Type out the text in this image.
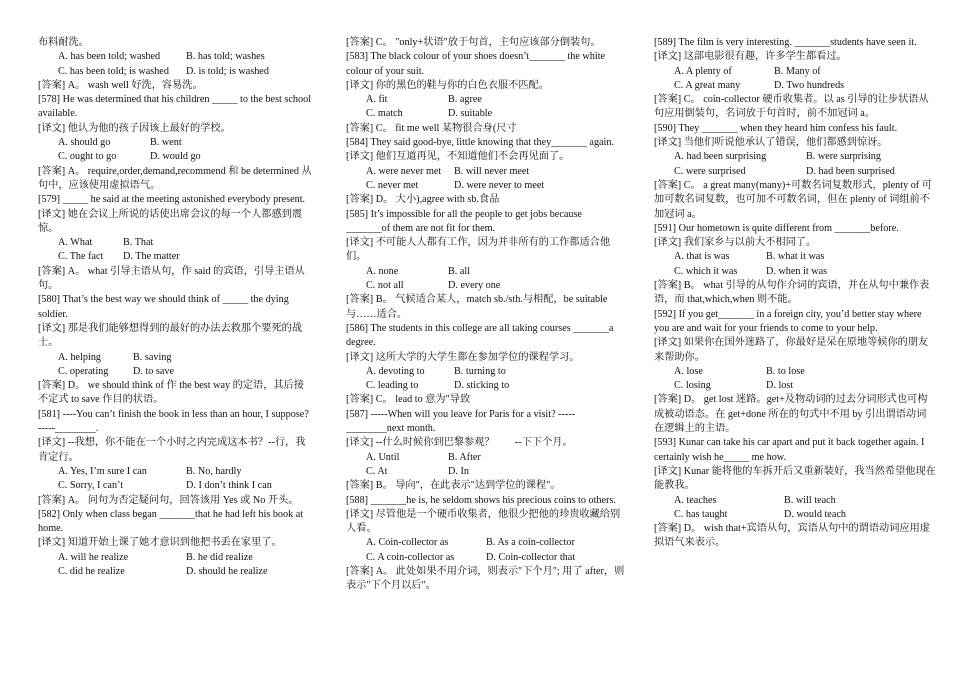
布料耐洗。

A. has been told; washed	B. has told; washes
C. has been told; is washed	D. is told; is washed

[答案] A。 wash well 好洗，容易洗。

[578] He was determined that his children _____ to the best school available.

[译文] 他认为他的孩子因该上最好的学校。

A. should go	B. went
C. ought to go	D. would go

[答案] A。 require,order,demand,recommend 和 be determined 从句中，应该使用虚拟语气。

[579] _____ he said at the meeting astonished everybody present.

[译文] 她在会议上所说的话使出席会议的每一个人都感到震惊。

A. What	B. That
C. The fact	D. The matter

[答案] A。 what 引导主语从句，作 said 的宾语，引导主语从句。

[580] That’s the best way we should think of _____ the dying soldier.

[译文] 那是我们能够想得到的最好的办法去救那个要死的战士。

A. helping	B. saving
C. operating	D. to save

[答案] D。 we should think of 作 the best way 的定语，其后接不定式 to save 作目的状语。

[581] ----You can’t finish the book in less than an hour, I suppose? -----________.

[译文] --我想，你不能在一个小时之内完成这本书？--行，我肯定行。

A. Yes, I’m sure I can	B. No, hardly
C. Sorry, I can’t	D. I don’t think I can

[答案] A。 问句为否定疑问句，回答该用 Yes 或 No 开头。

[582] Only when class began _______that he had left his book at home.

[译文] 知道开始上课了她才意识到他把书丢在家里了。

A. will he realize	B. he did realize
C. did he realize	D. should he realize

[答案] C。 "only+状语"放于句首，主句应该部分倒装句。

[583] The black colour of your shoes doesn’t_______ the white colour of your suit.

[译文] 你的黑色的鞋与你的白色衣服不匹配。

A. fit	B. agree
C. match	D. suitable

[答案] C。 fit me well 某物很合身(尺寸

[584] They said good-bye, little knowing that they_______ again.

[译文] 他们互道再见，不知道他们不会再见面了。

A. were never met	B. will never meet
C. never met	D. were never to meet

[答案] D。 大小),agree with sb.食品

[585] It’s impossible for all the people to get jobs because _______of them are not fit for them.

[译文] 不可能人人都有工作，因为并非所有的工作都适合他们。

A. none	B. all
C. not all	D. every one

[答案] B。 气候适合某人，match sb./sth.与相配，be suitable 与……适合。

[586] The students in this college are all taking courses _______a degree.

[译文] 这所大学的大学生都在参加学位的课程学习。

A. devoting to	B. turning to
C. leading to	D. sticking to

[答案] C。 lead to 意为"导致

[587] -----When will you leave for Paris for a visit? -----________next month.

[译文] --什么时候你到巴黎参观？　　--下下个月。

A. Until	B. After
C. At	D. In

[答案] B。 导向"，在此表示"达到学位的课程"。

[588] _______he is, he seldom shows his precious coins to others.

[译文] 尽管他是一个硬币收集者，他很少把他的珍贵收藏给别人看。

A. Coin-collector as	B. As a coin-collector
C. A coin-collector as	D. Coin-collector that

[答案] A。 此处如果不用介词，则表示"下个月"; 用了 after，则表示"下个月以后"。

[589] The film is very interesting. _______students have seen it.

[译文] 这部电影很有趣，许多学生都看过。

A. A plenty of	B. Many of
C. A great many	D. Two hundreds

[答案] C。 coin-collector 硬币收集者。以 as 引导的让步状语从句应用倒装句，名词放于句首时，前不加冠词 a。

[590] They _______ when they heard him confess his fault.

[译文] 当他们听说他承认了错误，他们都感到惊讶。

A. had been surprising	B. were surprising
C. were surprised	D. had been surprised

[答案] C。 a great many(many)+可数名词复数形式，plenty of 可加可数名词复数，也可加不可数名词，但在 plenty of 词组前不加冠词 a。

[591] Our hometown is quite different from _______before.

[译文] 我们家乡与以前大不相同了。

A. that is was	B. what it was
C. which it was	D. when it was

[答案] B。 what 引导的从句作介词的宾语，并在从句中兼作表语，而 that,which,when 则不能。

[592] If you get_______ in a foreign city, you’d better stay where you are and wait for your friends to come to your help.

[译文] 如果你在国外迷路了，你最好是呆在原地等候你的朋友来帮助你。

A. lose	B. to lose
C. losing	D. lost

[答案] D。 get lost 迷路。get+及物动词的过去分词形式也可构成被动语态。在 get+done 所在的句式中不用 by 引出谓语动词在逻辑上的主语。

[593] Kunar can take his car apart and put it back together again. I certainly wish he_____ me how.

[译文] Kunar 能将他的车拆开后又重新装好，我当然希望他现在能教我。

A. teaches	B. will teach
C. has taught	D. would teach

[答案] D。 wish that+宾语从句，宾语从句中的谓语动词应用虚拟语气来表示。
